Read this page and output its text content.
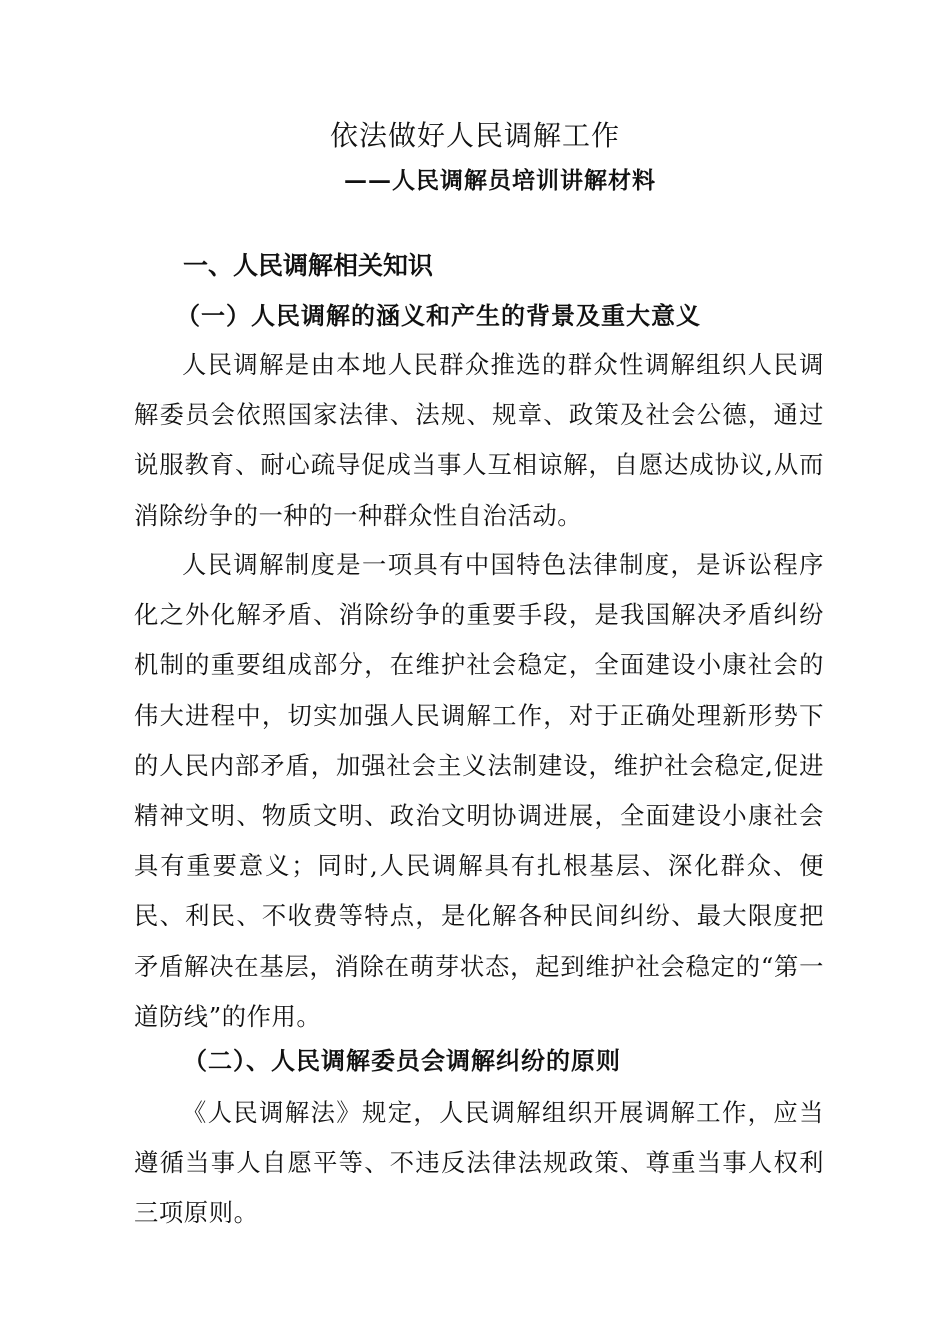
依法做好人民调解工作
——人民调解员培训讲解材料
一、人民调解相关知识
（一）人民调解的涵义和产生的背景及重大意义

人民调解是由本地人民群众推选的群众性调解组织人民调解委员会依照国家法律、法规、规章、政策及社会公德，通过说服教育、耐心疏导促成当事人互相谅解，自愿达成协议,从而消除纷争的一种的一种群众性自治活动。

人民调解制度是一项具有中国特色法律制度，是诉讼程序化之外化解矛盾、消除纷争的重要手段，是我国解决矛盾纠纷机制的重要组成部分，在维护社会稳定，全面建设小康社会的伟大进程中，切实加强人民调解工作，对于正确处理新形势下的人民内部矛盾，加强社会主义法制建设，维护社会稳定,促进精神文明、物质文明、政治文明协调进展，全面建设小康社会具有重要意义；同时,人民调解具有扎根基层、深化群众、便民、利民、不收费等特点，是化解各种民间纠纷、最大限度把矛盾解决在基层，消除在萌芽状态，起到维护社会稳定的“第一道防线”的作用。

（二）、人民调解委员会调解纠纷的原则

《人民调解法》规定，人民调解组织开展调解工作，应当遵循当事人自愿平等、不违反法律法规政策、尊重当事人权利三项原则。
